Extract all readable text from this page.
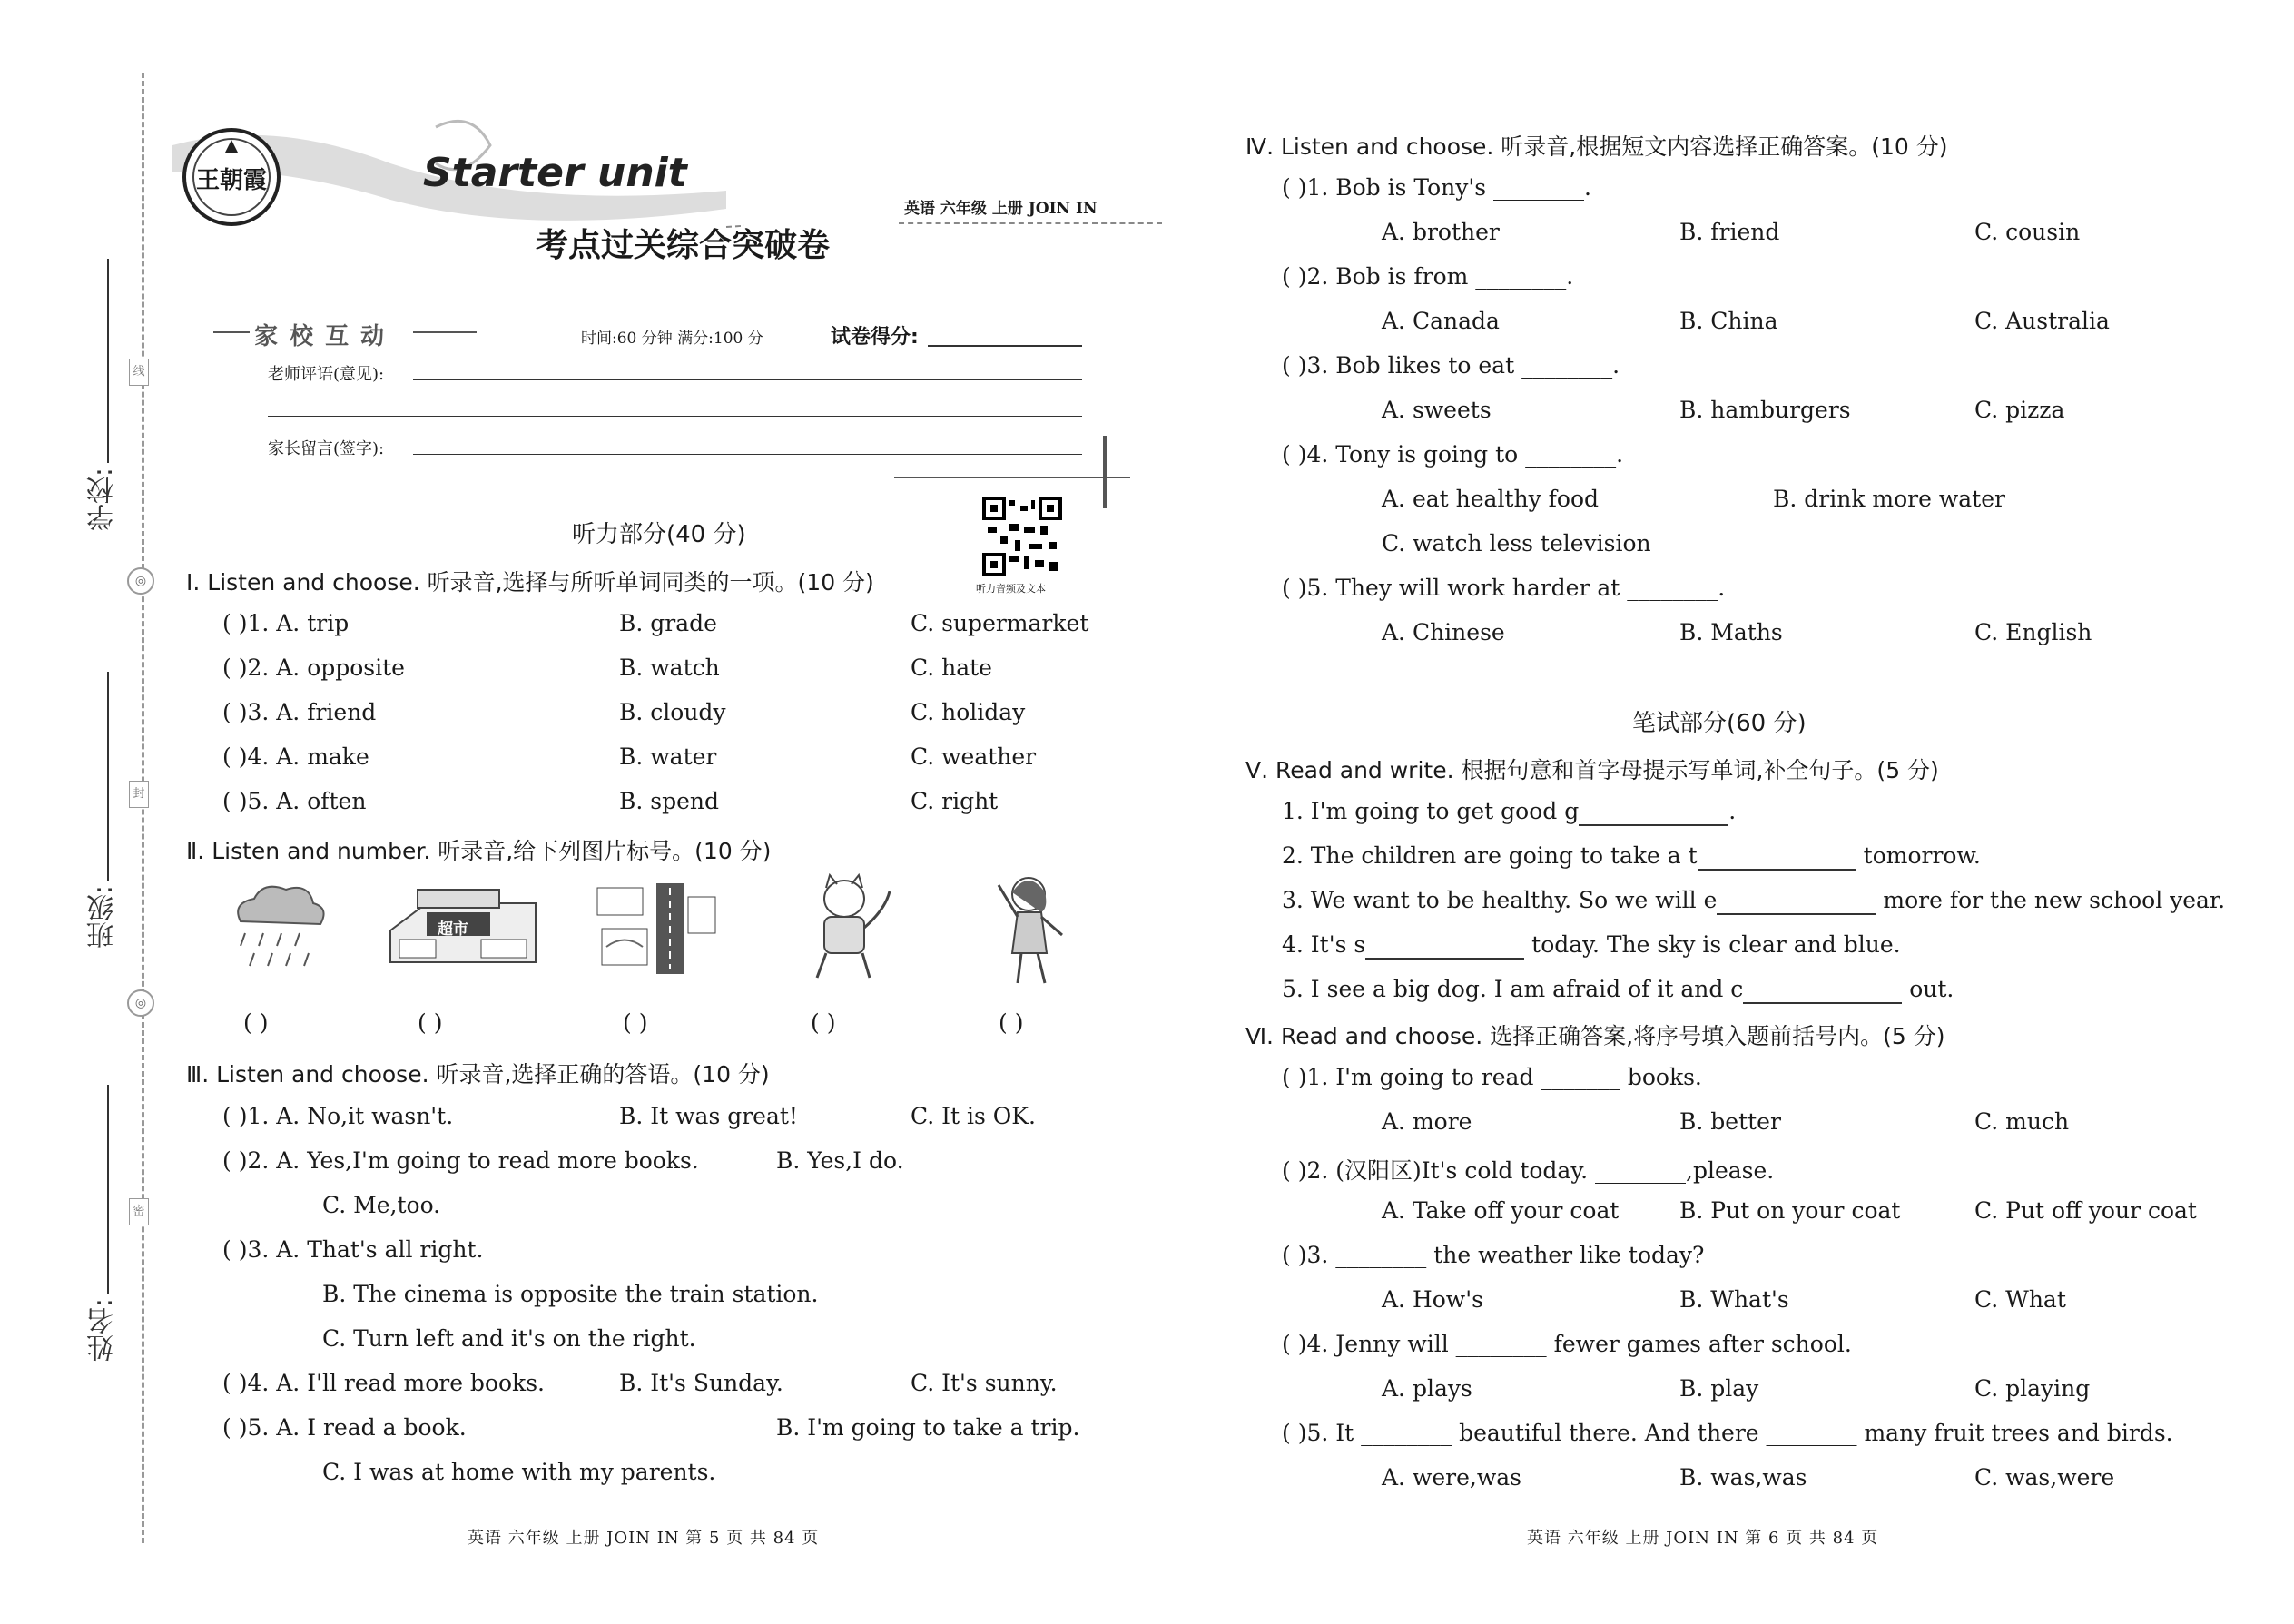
◎
◎
线
封
密
学校:
班级:
姓名:
王朝霞	Starter unit
考点过关综合突破卷
英语 六年级 上册 JOIN IN
家 校 互 动	时间:60 分钟 满分:100 分	试卷得分:
老师评语(意见):
家长留言(签字):
听力音频及文本
听力部分(40 分)
Ⅰ. Listen and choose. 听录音,选择与所听单词同类的一项。(10 分)
( )1. A. trip	B. grade	C. supermarket
( )2. A. opposite	B. watch	C. hate
( )3. A. friend	B. cloudy	C. holiday
( )4. A. make	B. water	C. weather
( )5. A. often	B. spend	C. right
Ⅱ. Listen and number. 听录音,给下列图片标号。(10 分)
超市
( )	( )	( )	( )	( )
Ⅲ. Listen and choose. 听录音,选择正确的答语。(10 分)
( )1. A. No,it wasn't.	B. It was great!	C. It is OK.
( )2. A. Yes,I'm going to read more books.	B. Yes,I do.
C. Me,too.
( )3. A. That's all right.
B. The cinema is opposite the train station.
C. Turn left and it's on the right.
( )4. A. I'll read more books.	B. It's Sunday.	C. It's sunny.
( )5. A. I read a book.	B. I'm going to take a trip.
C. I was at home with my parents.
Ⅳ. Listen and choose. 听录音,根据短文内容选择正确答案。(10 分)
( )1. Bob is Tony's ________.
A. brother	B. friend	C. cousin
( )2. Bob is from ________.
A. Canada	B. China	C. Australia
( )3. Bob likes to eat ________.
A. sweets	B. hamburgers	C. pizza
( )4. Tony is going to ________.
A. eat healthy food	B. drink more water
C. watch less television
( )5. They will work harder at ________.
A. Chinese	B. Maths	C. English
笔试部分(60 分)
Ⅴ. Read and write. 根据句意和首字母提示写单词,补全句子。(5 分)
1. I'm going to get good g	.
2. The children are going to take a t	tomorrow.
3. We want to be healthy. So we will e	more for the new school year.
4. It's s	today. The sky is clear and blue.
5. I see a big dog. I am afraid of it and c	out.
Ⅵ. Read and choose. 选择正确答案,将序号填入题前括号内。(5 分)
( )1. I'm going to read _______ books.
A. more	B. better	C. much
( )2. (汉阳区)It's cold today. ________,please.
A. Take off your coat	B. Put on your coat	C. Put off your coat
( )3. ________ the weather like today?
A. How's	B. What's	C. What
( )4. Jenny will ________ fewer games after school.
A. plays	B. play	C. playing
( )5. It ________ beautiful there. And there ________ many fruit trees and birds.
A. were,was	B. was,was	C. was,were
英语 六年级 上册 JOIN IN 第 5 页 共 84 页	英语 六年级 上册 JOIN IN 第 6 页 共 84 页
